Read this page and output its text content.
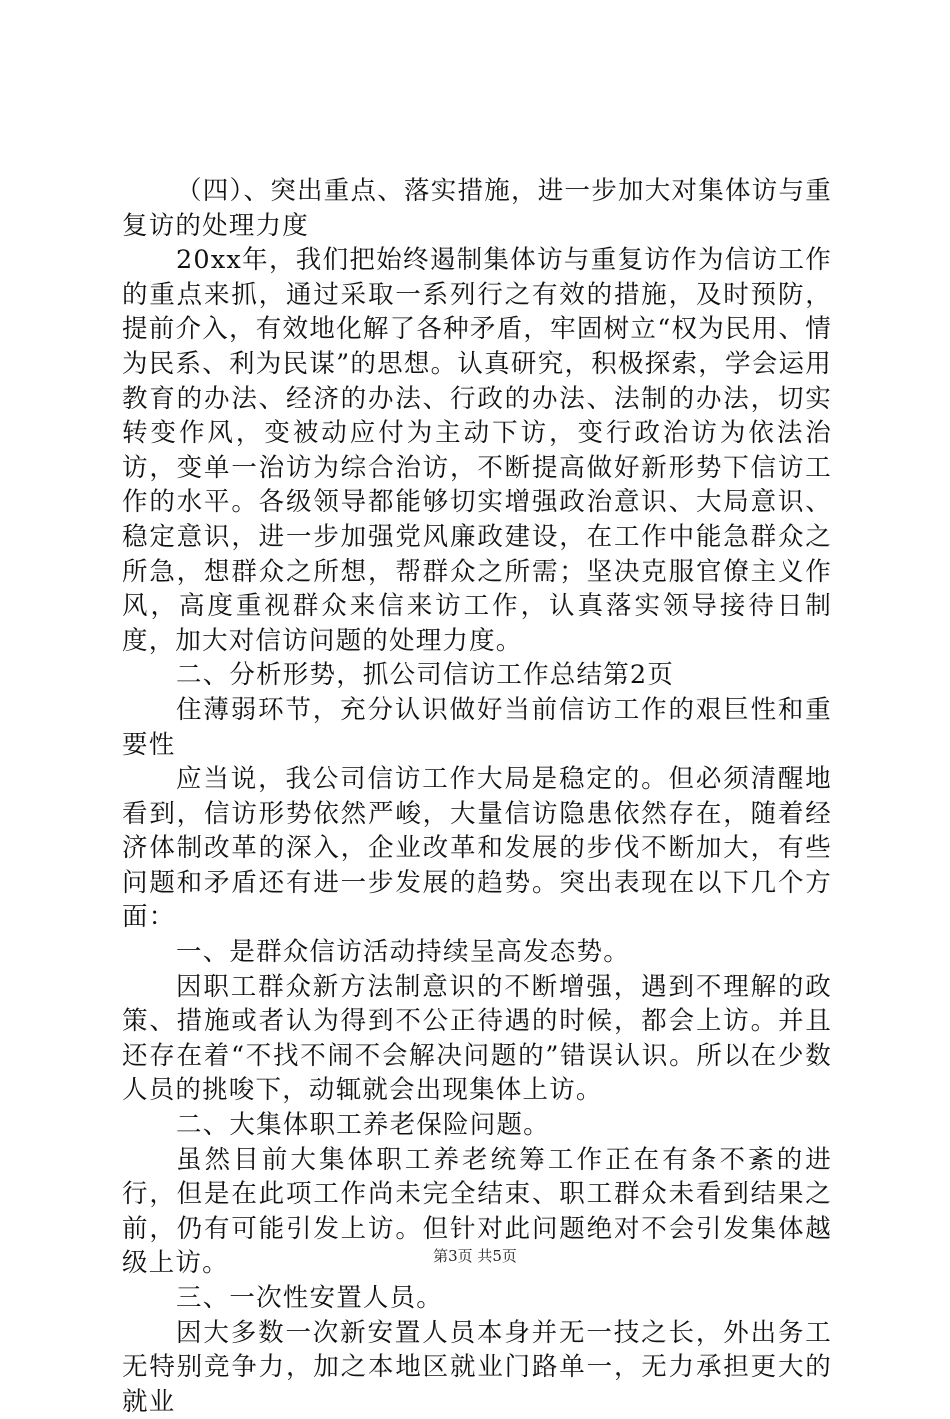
（四）、突出重点、落实措施，进一步加大对集体访与重复访的处理力度

20xx年，我们把始终遏制集体访与重复访作为信访工作的重点来抓，通过采取一系列行之有效的措施，及时预防，提前介入，有效地化解了各种矛盾，牢固树立“权为民用、情为民系、利为民谋”的思想。认真研究，积极探索，学会运用教育的办法、经济的办法、行政的办法、法制的办法，切实转变作风，变被动应付为主动下访，变行政治访为依法治访，变单一治访为综合治访，不断提高做好新形势下信访工作的水平。各级领导都能够切实增强政治意识、大局意识、稳定意识，进一步加强党风廉政建设，在工作中能急群众之所急，想群众之所想，帮群众之所需；坚决克服官僚主义作风，高度重视群众来信来访工作，认真落实领导接待日制度，加大对信访问题的处理力度。

二、分析形势，抓公司信访工作总结第2页

住薄弱环节，充分认识做好当前信访工作的艰巨性和重要性

应当说，我公司信访工作大局是稳定的。但必须清醒地看到，信访形势依然严峻，大量信访隐患依然存在，随着经济体制改革的深入，企业改革和发展的步伐不断加大，有些问题和矛盾还有进一步发展的趋势。突出表现在以下几个方面：

一、是群众信访活动持续呈高发态势。

因职工群众新方法制意识的不断增强，遇到不理解的政策、措施或者认为得到不公正待遇的时候，都会上访。并且还存在着“不找不闹不会解决问题的”错误认识。所以在少数人员的挑唆下，动辄就会出现集体上访。

二、大集体职工养老保险问题。

虽然目前大集体职工养老统筹工作正在有条不紊的进行，但是在此项工作尚未完全结束、职工群众未看到结果之前，仍有可能引发上访。但针对此问题绝对不会引发集体越级上访。

三、一次性安置人员。

因大多数一次新安置人员本身并无一技之长，外出务工无特别竞争力，加之本地区就业门路单一，无力承担更大的就业

第3页 共5页
